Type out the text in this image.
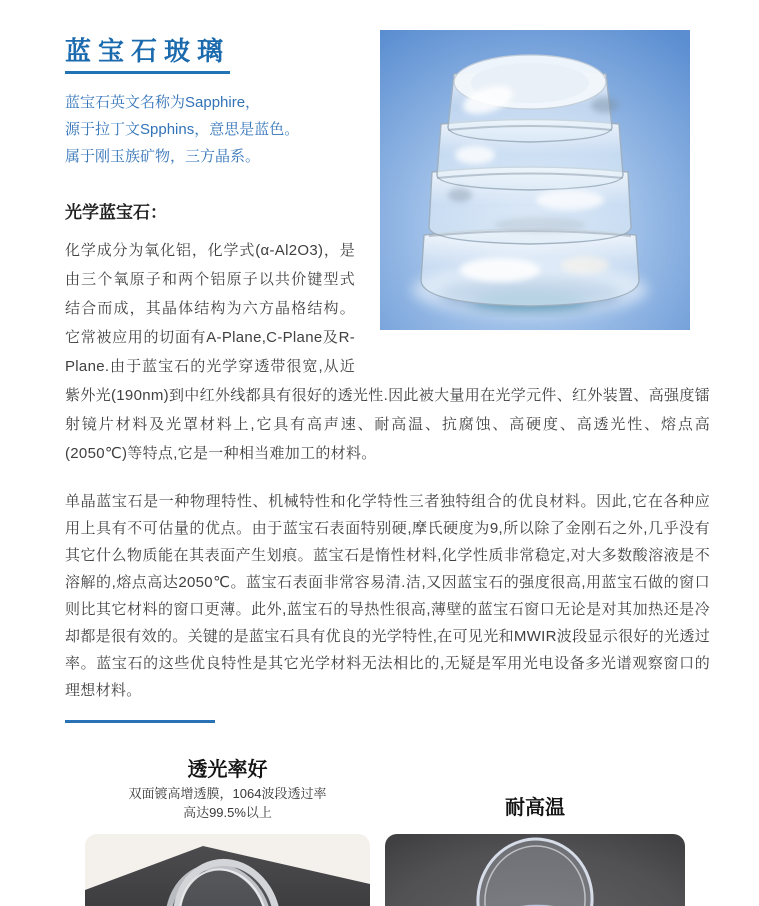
蓝宝石玻璃
蓝宝石英文名称为Sapphire，
源于拉丁文Spphins，意思是蓝色。
属于刚玉族矿物，三方晶系。
光学蓝宝石：

化学成分为氧化铝，化学式(α-Al2O3)，是由三个氧原子和两个铝原子以共价键型式结合而成，其晶体结构为六方晶格结构。它常被应用的切面有A-Plane,C-Plane及R-Plane.由于蓝宝石的光学穿透带很宽,从近紫外光(190nm)到中红外线都具有很好的透光性.因此被大量用在光学元件、红外装置、高强度镭射镜片材料及光罩材料上,它具有高声速、耐高温、抗腐蚀、高硬度、高透光性、熔点高(2050℃)等特点,它是一种相当难加工的材料。

单晶蓝宝石是一种物理特性、机械特性和化学特性三者独特组合的优良材料。因此,它在各种应用上具有不可估量的优点。由于蓝宝石表面特别硬,摩氏硬度为9,所以除了金刚石之外,几乎没有其它什么物质能在其表面产生划痕。蓝宝石是惰性材料,化学性质非常稳定,对大多数酸溶液是不溶解的,熔点高达2050℃。蓝宝石表面非常容易清.洁,又因蓝宝石的强度很高,用蓝宝石做的窗口则比其它材料的窗口更薄。此外,蓝宝石的导热性很高,薄壁的蓝宝石窗口无论是对其加热还是冷却都是很有效的。关键的是蓝宝石具有优良的光学特性,在可见光和MWIR波段显示很好的光透过率。蓝宝石的这些优良特性是其它光学材料无法相比的,无疑是军用光电设备多光谱观察窗口的理想材料。

透光率好
双面镀高增透膜，1064波段透过率
高达99.5%以上	耐高温
